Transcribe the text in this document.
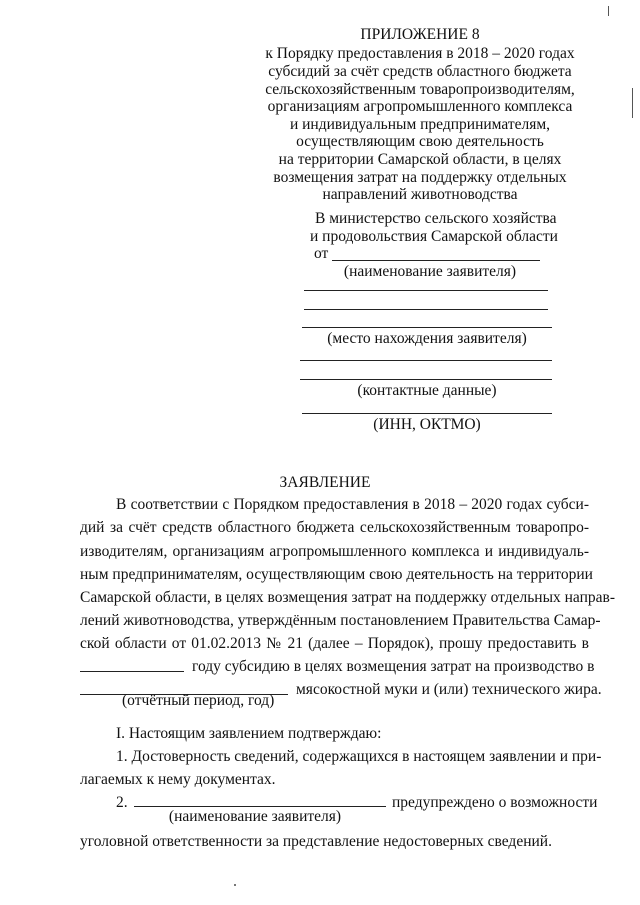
ПРИЛОЖЕНИЕ 8
к Порядку предоставления в 2018 – 2020 годах
субсидий за счёт средств областного бюджета
сельскохозяйственным товаропроизводителям,
организациям агропромышленного комплекса
и индивидуальным предпринимателям,
осуществляющим свою деятельность
на территории Самарской области, в целях
возмещения затрат на поддержку отдельных
направлений животноводства
В министерство сельского хозяйства
и продовольствия Самарской области
от
(наименование заявителя)
(место нахождения заявителя)
(контактные данные)
(ИНН, ОКТМО)
ЗАЯВЛЕНИЕ
В соответствии с Порядком предоставления в 2018 – 2020 годах субси-
дий за счёт средств областного бюджета сельскохозяйственным товаропро-
изводителям, организациям агропромышленного комплекса и индивидуаль-
ным предпринимателям, осуществляющим свою деятельность на территории
Самарской области, в целях возмещения затрат на поддержку отдельных направ-
лений животноводства, утверждённым постановлением Правительства Самар-
ской области от 01.02.2013 № 21 (далее – Порядок), прошу предоставить в
году субсидию в целях возмещения затрат на производство в
мясокостной муки и (или) технического жира.
(отчётный период, год)
I. Настоящим заявлением подтверждаю:
1. Достоверность сведений, содержащихся в настоящем заявлении и при-
лагаемых к нему документах.
2.	предупреждено о возможности
(наименование заявителя)
уголовной ответственности за представление недостоверных сведений.
